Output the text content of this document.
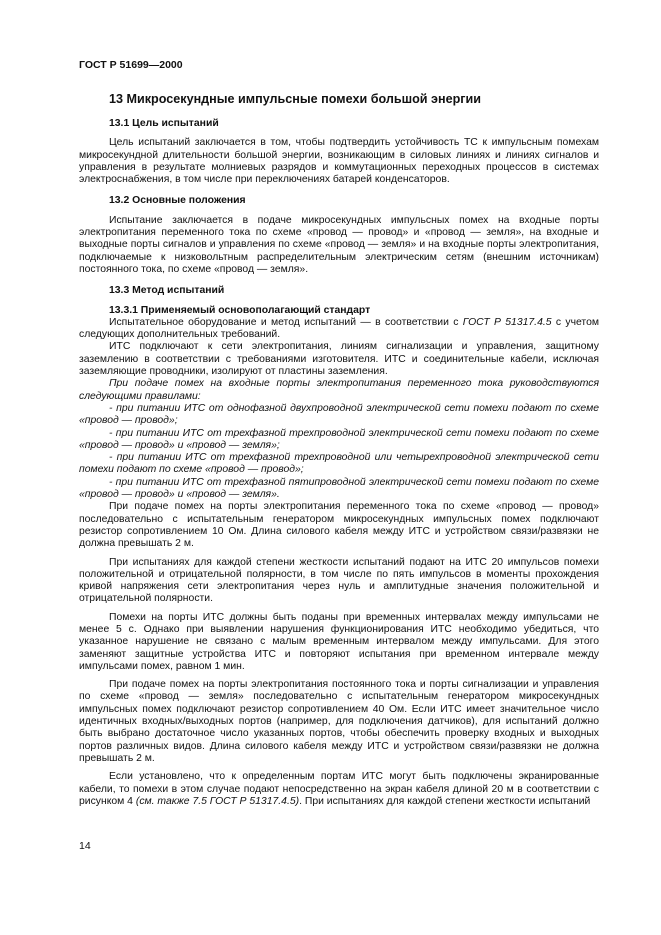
ГОСТ Р 51699—2000
13 Микросекундные импульсные помехи большой энергии
13.1 Цель испытаний

Цель испытаний заключается в том, чтобы подтвердить устойчивость ТС к импульсным помехам микросекундной длительности большой энергии, возникающим в силовых линиях и линиях сигналов и управления в результате молниевых разрядов и коммутационных переходных процессов в системах электроснабжения, в том числе при переключениях батарей конденсаторов.

13.2 Основные положения

Испытание заключается в подаче микросекундных импульсных помех на входные порты электропитания переменного тока по схеме «провод — провод» и «провод — земля», на входные и выходные порты сигналов и управления по схеме «провод — земля» и на входные порты электропитания, подключаемые к низковольтным распределительным электрическим сетям (внешним источникам) постоянного тока, по схеме «провод — земля».

13.3 Метод испытаний
13.3.1 Применяемый основополагающий стандарт

Испытательное оборудование и метод испытаний — в соответствии с ГОСТ Р 51317.4.5 с учетом следующих дополнительных требований.

ИТС подключают к сети электропитания, линиям сигнализации и управления, защитному заземлению в соответствии с требованиями изготовителя. ИТС и соединительные кабели, исключая заземляющие проводники, изолируют от пластины заземления.

При подаче помех на входные порты электропитания переменного тока руководствуются следующими правилами:

- при питании ИТС от однофазной двухпроводной электрической сети помехи подают по схеме «провод — провод»;

- при питании ИТС от трехфазной трехпроводной электрической сети помехи подают по схеме «провод — провод» и «провод — земля»;

- при питании ИТС от трехфазной трехпроводной или четырехпроводной электрической сети помехи подают по схеме «провод — провод»;

- при питании ИТС от трехфазной пятипроводной электрической сети помехи подают по схеме «провод — провод» и «провод — земля».

При подаче помех на порты электропитания переменного тока по схеме «провод — провод» последовательно с испытательным генератором микросекундных импульсных помех подключают резистор сопротивлением 10 Ом. Длина силового кабеля между ИТС и устройством связи/развязки не должна превышать 2 м.

При испытаниях для каждой степени жесткости испытаний подают на ИТС 20 импульсов помехи положительной и отрицательной полярности, в том числе по пять импульсов в моменты прохождения кривой напряжения сети электропитания через нуль и амплитудные значения положительной и отрицательной полярности.

Помехи на порты ИТС должны быть поданы при временных интервалах между импульсами не менее 5 с. Однако при выявлении нарушения функционирования ИТС необходимо убедиться, что указанное нарушение не связано с малым временным интервалом между импульсами. Для этого заменяют защитные устройства ИТС и повторяют испытания при временном интервале между импульсами помех, равном 1 мин.

При подаче помех на порты электропитания постоянного тока и порты сигнализации и управления по схеме «провод — земля» последовательно с испытательным генератором микросекундных импульсных помех подключают резистор сопротивлением 40 Ом. Если ИТС имеет значительное число идентичных входных/выходных портов (например, для подключения датчиков), для испытаний должно быть выбрано достаточное число указанных портов, чтобы обеспечить проверку входных и выходных портов различных видов. Длина силового кабеля между ИТС и устройством связи/развязки не должна превышать 2 м.

Если установлено, что к определенным портам ИТС могут быть подключены экранированные кабели, то помехи в этом случае подают непосредственно на экран кабеля длиной 20 м в соответствии с рисунком 4 (см. также 7.5 ГОСТ Р 51317.4.5). При испытаниях для каждой степени жесткости испытаний

14
